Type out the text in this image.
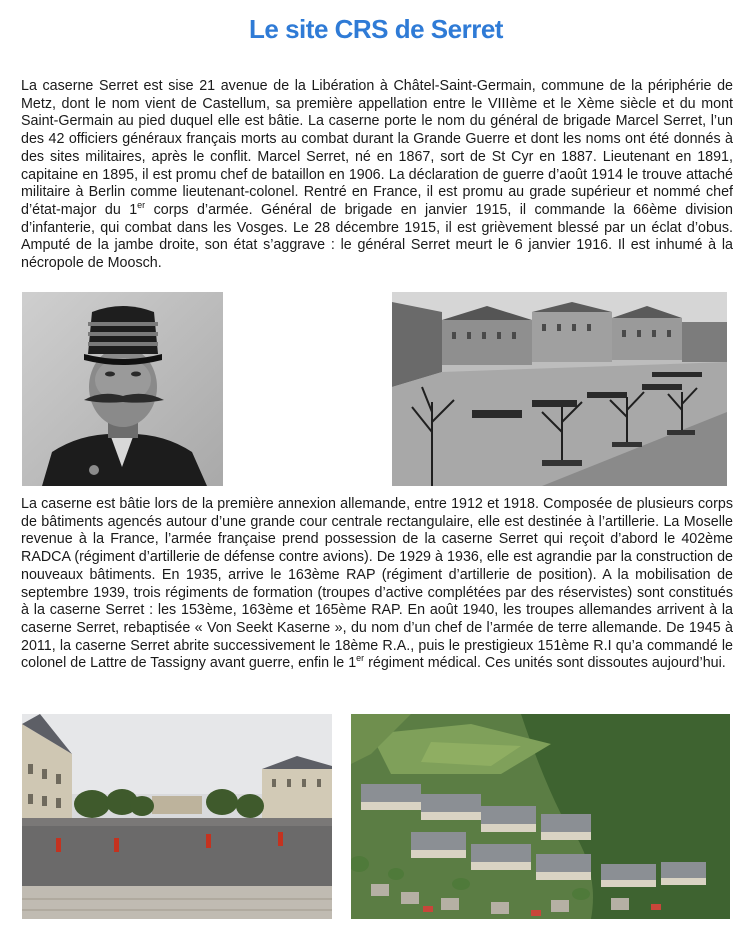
Le site CRS de Serret

La caserne Serret est sise 21 avenue de la Libération à Châtel-Saint-Germain, commune de la périphérie de Metz, dont le nom vient de Castellum, sa première appellation entre le VIIIème et le Xème siècle et du mont Saint-Germain au pied duquel elle est bâtie. La caserne porte le nom du général de brigade Marcel Serret, l’un des 42 officiers généraux français morts au combat durant la Grande Guerre et dont les noms ont été donnés à des sites militaires, après le conflit. Marcel Serret, né en 1867, sort de St Cyr en 1887. Lieutenant en 1891, capitaine en 1895, il est promu chef de bataillon en 1906. La déclaration de guerre d’août 1914 le trouve attaché militaire à Berlin comme lieutenant-colonel. Rentré en France, il est promu au grade supérieur et nommé chef d’état-major du 1er corps d’armée. Général de brigade en janvier 1915, il commande la 66ème division d’infanterie, qui combat dans les Vosges. Le 28 décembre 1915, il est grièvement blessé par un éclat d’obus. Amputé de la jambe droite, son état s’aggrave : le général Serret meurt le 6 janvier 1916. Il est inhumé à la nécropole de Moosch.

La caserne est bâtie lors de la première annexion allemande, entre 1912 et 1918. Composée de plusieurs corps de bâtiments agencés autour d’une grande cour centrale rectangulaire, elle est destinée à l’artillerie. La Moselle revenue à la France, l’armée française prend possession de la caserne Serret qui reçoit d’abord le 402ème RADCA (régiment d’artillerie de défense contre avions). De 1929 à 1936, elle est agrandie par la construction de nouveaux bâtiments. En 1935, arrive le 163ème RAP (régiment d’artillerie de position). A la mobilisation de septembre 1939, trois régiments de formation (troupes d’active complétées par des réservistes) sont constitués à la caserne Serret : les 153ème, 163ème et 165ème RAP. En août 1940, les troupes allemandes arrivent à la caserne Serret, rebaptisée « Von Seekt Kaserne », du nom d’un chef de l’armée de terre allemande. De 1945 à 2011, la caserne Serret abrite successivement le 18ème R.A., puis le prestigieux 151ème R.I qu’a commandé le colonel de Lattre de Tassigny avant guerre, enfin le 1er régiment médical. Ces unités sont dissoutes aujourd’hui.
